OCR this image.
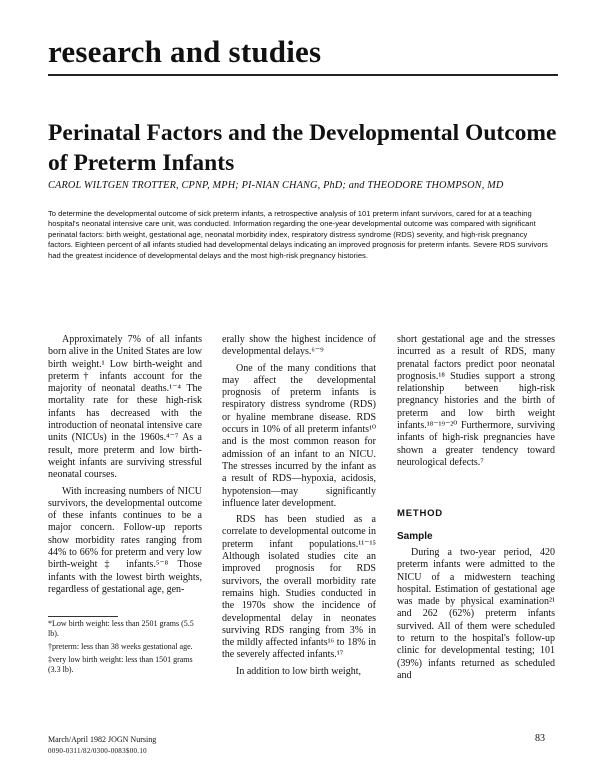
research and studies
Perinatal Factors and the Developmental Outcome of Preterm Infants
CAROL WILTGEN TROTTER, CPNP, MPH; PI-NIAN CHANG, PhD; and THEODORE THOMPSON, MD
To determine the developmental outcome of sick preterm infants, a retrospective analysis of 101 preterm infant survivors, cared for at a teaching hospital's neonatal intensive care unit, was conducted. Information regarding the one-year developmental outcome was compared with significant perinatal factors: birth weight, gestational age, neonatal morbidity index, respiratory distress syndrome (RDS) severity, and high-risk pregnancy factors. Eighteen percent of all infants studied had developmental delays indicating an improved prognosis for preterm infants. Severe RDS survivors had the greatest incidence of developmental delays and the most high-risk pregnancy histories.

Approximately 7% of all infants born alive in the United States are low birth weight.¹ Low birth-weight and preterm† infants account for the majority of neonatal deaths.¹⁻⁴ The mortality rate for these high-risk infants has decreased with the introduction of neonatal intensive care units (NICUs) in the 1960s.⁴⁻⁷ As a result, more preterm and low birth-weight infants are surviving stressful neonatal courses.

With increasing numbers of NICU survivors, the developmental outcome of these infants continues to be a major concern. Follow-up reports show morbidity rates ranging from 44% to 66% for preterm and very low birth-weight‡ infants.⁵⁻⁸ Those infants with the lowest birth weights, regardless of gestational age, gen-

*Low birth weight: less than 2501 grams (5.5 lb).

†preterm: less than 38 weeks gestational age.

‡very low birth weight: less than 1501 grams (3.3 lb).

erally show the highest incidence of developmental delays.⁶⁻⁹

One of the many conditions that may affect the developmental prognosis of preterm infants is respiratory distress syndrome (RDS) or hyaline membrane disease. RDS occurs in 10% of all preterm infants¹⁰ and is the most common reason for admission of an infant to an NICU. The stresses incurred by the infant as a result of RDS—hypoxia, acidosis, hypotension—may significantly influence later development.

RDS has been studied as a correlate to developmental outcome in preterm infant populations.¹¹⁻¹⁵ Although isolated studies cite an improved prognosis for RDS survivors, the overall morbidity rate remains high. Studies conducted in the 1970s show the incidence of developmental delay in neonates surviving RDS ranging from 3% in the mildly affected infants¹⁶ to 18% in the severely affected infants.¹⁷

In addition to low birth weight,

short gestational age and the stresses incurred as a result of RDS, many prenatal factors predict poor neonatal prognosis.¹⁸ Studies support a strong relationship between high-risk pregnancy histories and the birth of preterm and low birth weight infants.¹⁸⁻¹⁹⁻²⁰ Furthermore, surviving infants of high-risk pregnancies have shown a greater tendency toward neurological defects.⁷

METHOD
Sample

During a two-year period, 420 preterm infants were admitted to the NICU of a midwestern teaching hospital. Estimation of gestational age was made by physical examination²¹ and 262 (62%) preterm infants survived. All of them were scheduled to return to the hospital's follow-up clinic for developmental testing; 101 (39%) infants returned as scheduled and

March/April 1982 JOGN Nursing
0090-0311/82/0300-0083$00.10
83
